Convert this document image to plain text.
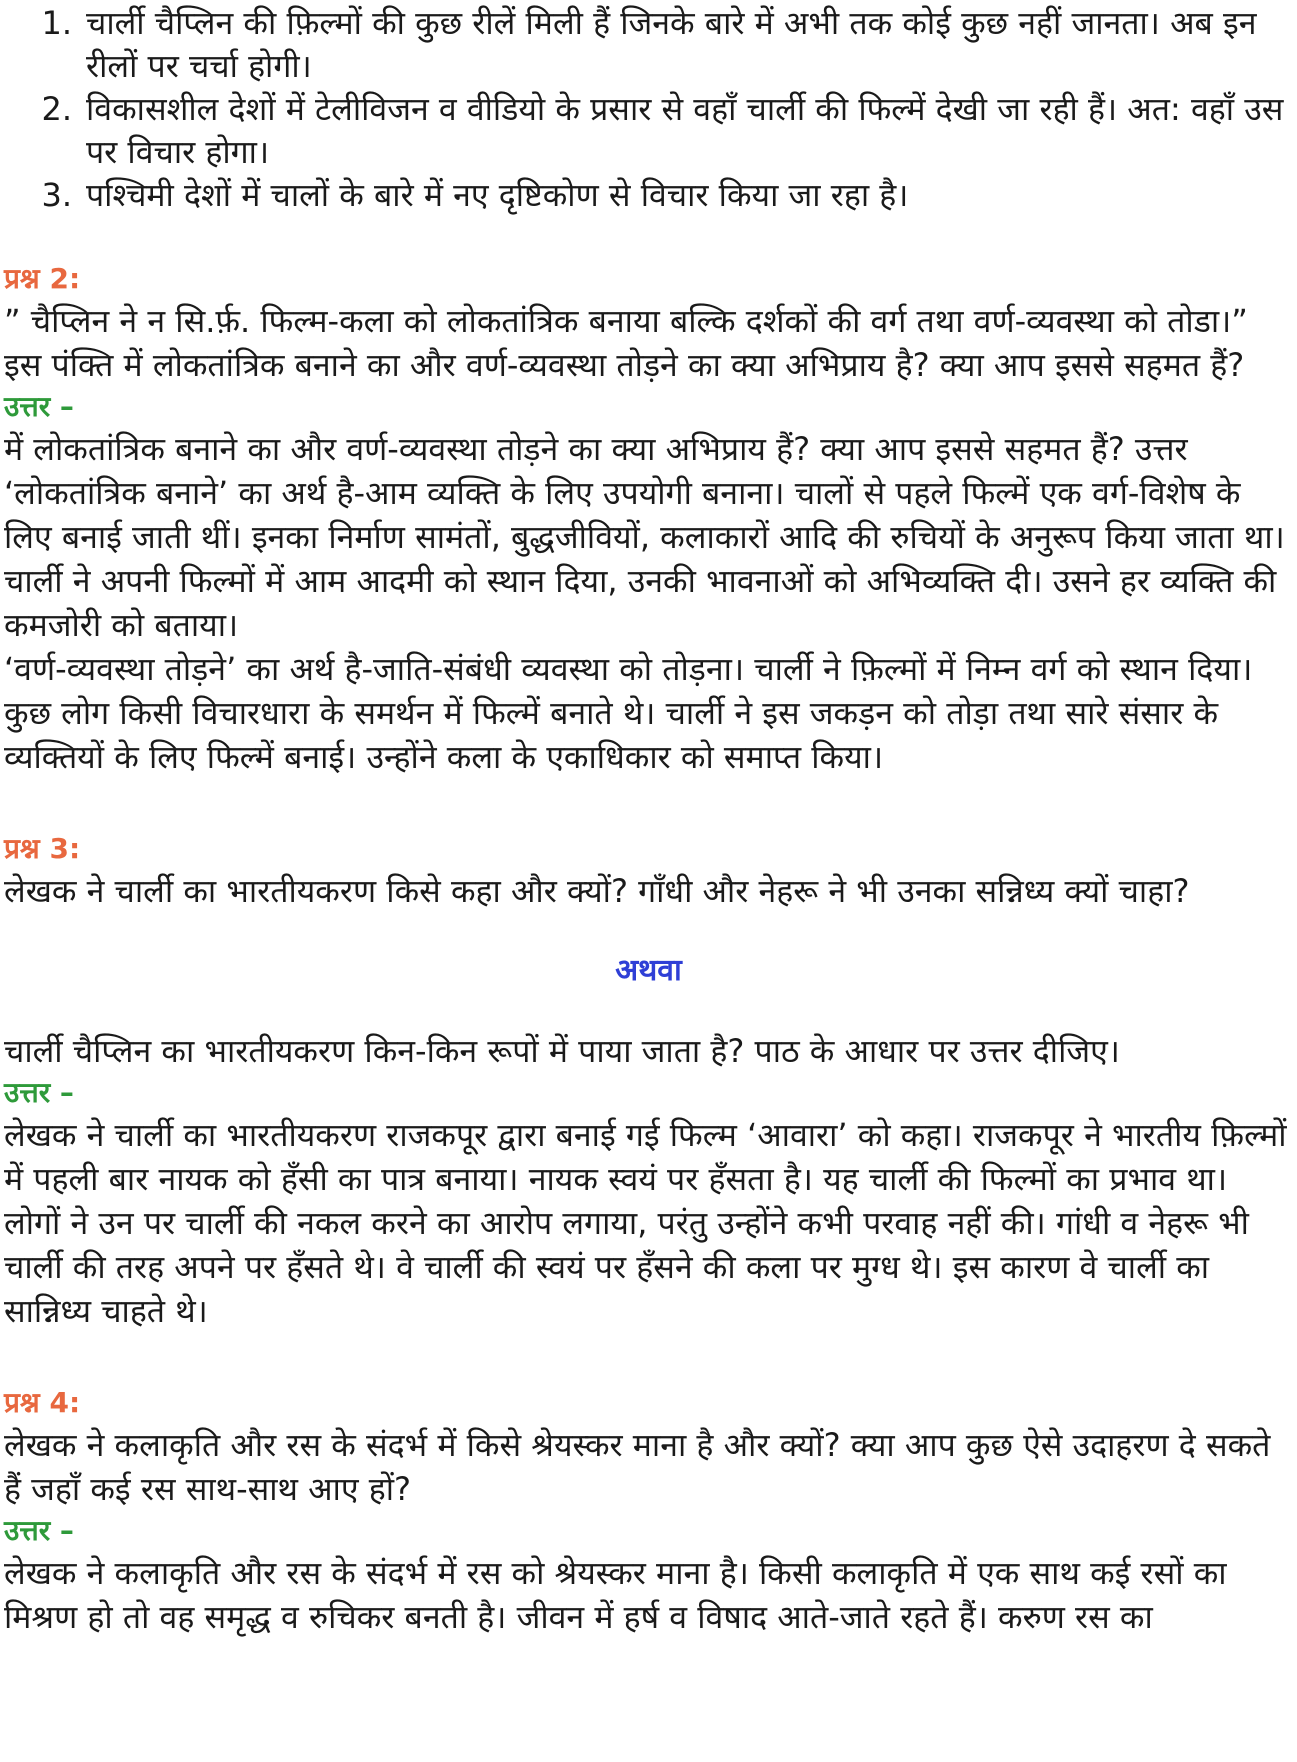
1. चार्ली चैप्लिन की फ़िल्मों की कुछ रीलें मिली हैं जिनके बारे में अभी तक कोई कुछ नहीं जानता। अब इन रीलों पर चर्चा होगी।
2. विकासशील देशों में टेलीविजन व वीडियो के प्रसार से वहाँ चार्ली की फिल्में देखी जा रही हैं। अत: वहाँ उस पर विचार होगा।
3. पश्चिमी देशों में चालों के बारे में नए दृष्टिकोण से विचार किया जा रहा है।

प्रश्न 2:

” चैप्लिन ने न सि.र्फ़. फिल्म-कला को लोकतांत्रिक बनाया बल्कि दर्शकों की वर्ग तथा वर्ण-व्यवस्था को तोडा।” इस पंक्ति में लोकतांत्रिक बनाने का और वर्ण-व्यवस्था तोड़ने का क्या अभिप्राय है? क्या आप इससे सहमत हैं?

उत्तर –

में लोकतांत्रिक बनाने का और वर्ण-व्यवस्था तोड़ने का क्या अभिप्राय हैं? क्या आप इससे सहमत हैं? उत्तर ‘लोकतांत्रिक बनाने’ का अर्थ है-आम व्यक्ति के लिए उपयोगी बनाना। चालों से पहले फिल्में एक वर्ग-विशेष के लिए बनाई जाती थीं। इनका निर्माण सामंतों, बुद्धजीवियों, कलाकारों आदि की रुचियों के अनुरूप किया जाता था। चार्ली ने अपनी फिल्मों में आम आदमी को स्थान दिया, उनकी भावनाओं को अभिव्यक्ति दी। उसने हर व्यक्ति की कमजोरी को बताया।

‘वर्ण-व्यवस्था तोड़ने’ का अर्थ है-जाति-संबंधी व्यवस्था को तोड़ना। चार्ली ने फ़िल्मों में निम्न वर्ग को स्थान दिया। कुछ लोग किसी विचारधारा के समर्थन में फिल्में बनाते थे। चार्ली ने इस जकड़न को तोड़ा तथा सारे संसार के व्यक्तियों के लिए फिल्में बनाई। उन्होंने कला के एकाधिकार को समाप्त किया।

प्रश्न 3:

लेखक ने चार्ली का भारतीयकरण किसे कहा और क्यों? गाँधी और नेहरू ने भी उनका सन्निध्य क्यों चाहा?

अथवा

चार्ली चैप्लिन का भारतीयकरण किन-किन रूपों में पाया जाता है? पाठ के आधार पर उत्तर दीजिए।

उत्तर –

लेखक ने चार्ली का भारतीयकरण राजकपूर द्वारा बनाई गई फिल्म ‘आवारा’ को कहा। राजकपूर ने भारतीय फ़िल्मों में पहली बार नायक को हँसी का पात्र बनाया। नायक स्वयं पर हँसता है। यह चार्ली की फिल्मों का प्रभाव था। लोगों ने उन पर चार्ली की नकल करने का आरोप लगाया, परंतु उन्होंने कभी परवाह नहीं की। गांधी व नेहरू भी चार्ली की तरह अपने पर हँसते थे। वे चार्ली की स्वयं पर हँसने की कला पर मुग्ध थे। इस कारण वे चार्ली का सान्निध्य चाहते थे।

प्रश्न 4:

लेखक ने कलाकृति और रस के संदर्भ में किसे श्रेयस्कर माना है और क्यों? क्या आप कुछ ऐसे उदाहरण दे सकते हैं जहाँ कई रस साथ-साथ आए हों?

उत्तर –

लेखक ने कलाकृति और रस के संदर्भ में रस को श्रेयस्कर माना है। किसी कलाकृति में एक साथ कई रसों का मिश्रण हो तो वह समृद्ध व रुचिकर बनती है। जीवन में हर्ष व विषाद आते-जाते रहते हैं। करुण रस का
